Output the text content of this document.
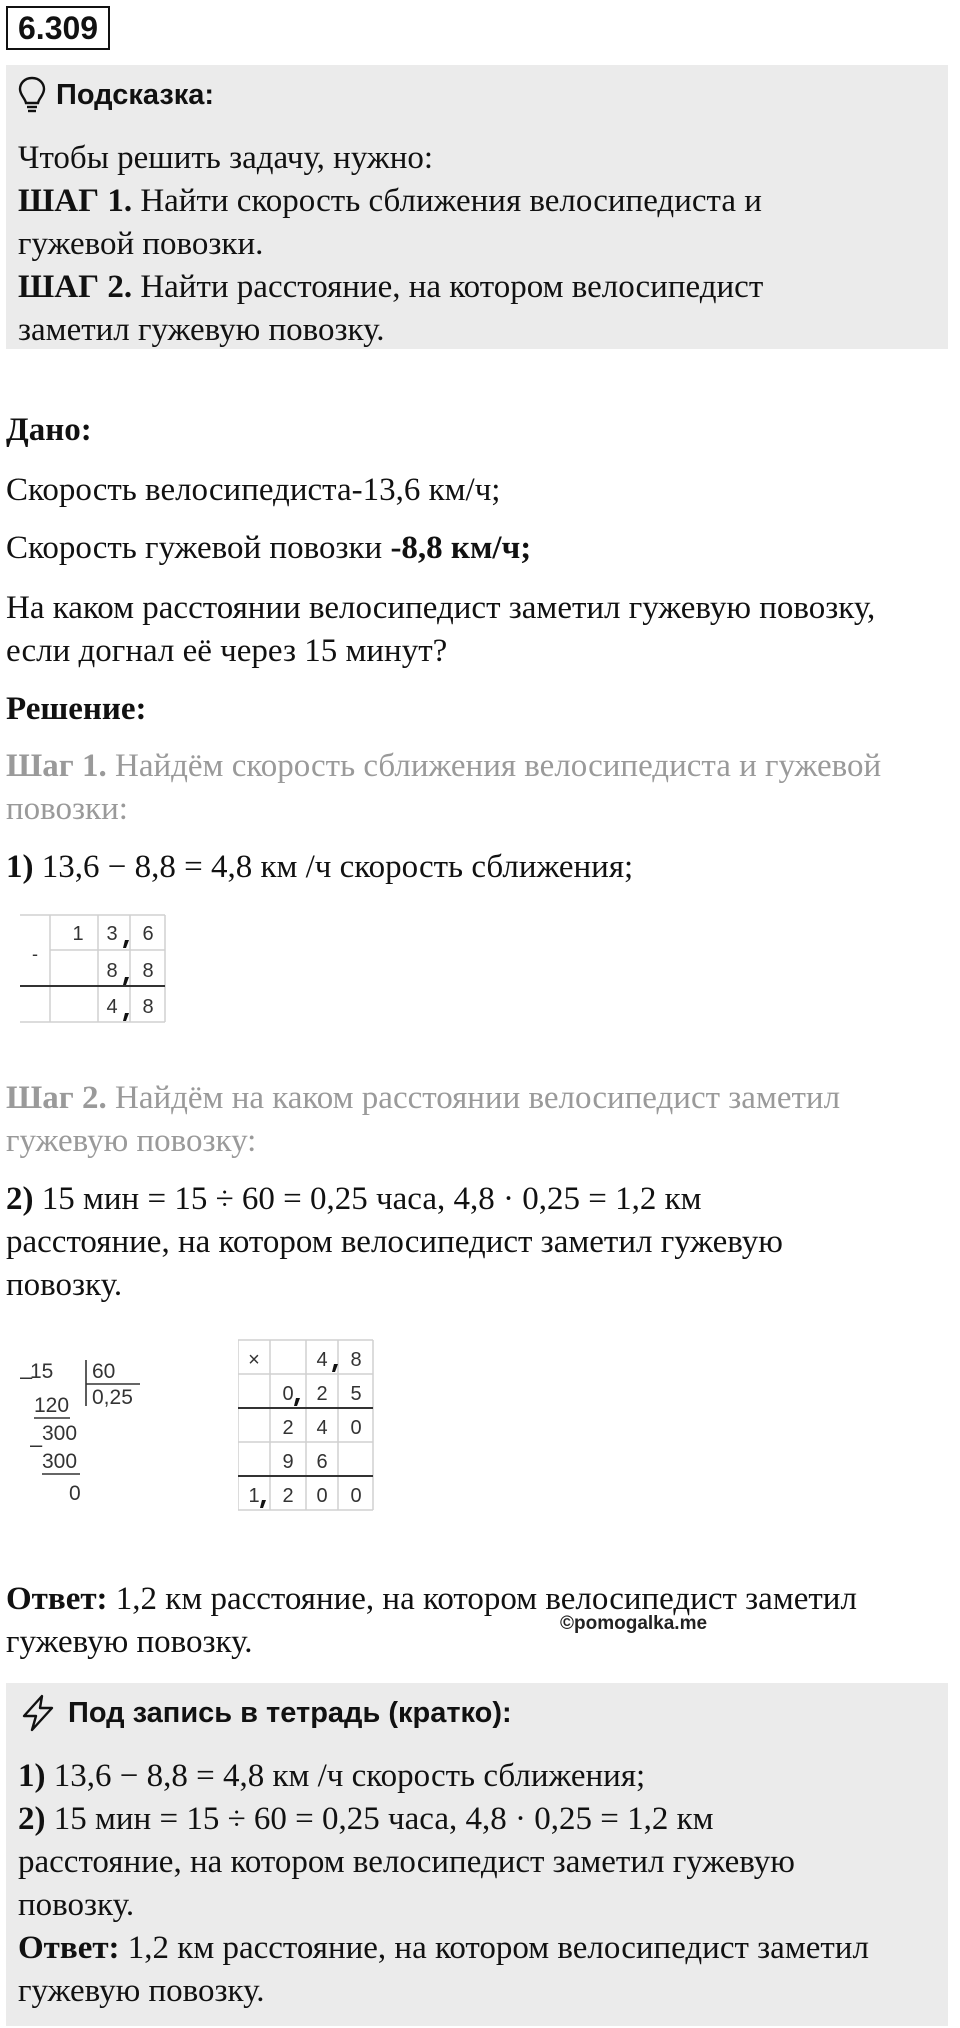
6.309
Подсказка:

Чтобы решить задачу, нужно:

ШАГ 1. Найти скорость сближения велосипедиста и

гужевой повозки.

ШАГ 2. Найти расстояние, на котором велосипедист

заметил гужевую повозку.

Дано:

Скорость велосипедиста-13,6 км/ч;

Скорость гужевой повозки -8,8 км/ч;

На каком расстоянии велосипедист заметил гужевую повозку,

если догнал её через 15 минут?

Решение:

Шаг 1. Найдём скорость сближения велосипедиста и гужевой

повозки:

1) 13,6 − 8,8 = 4,8 км /ч скорость сближения;

-
1 3 6
8 8
4 8

Шаг 2. Найдём на каком расстоянии велосипедист заметил

гужевую повозку:

2) 15 мин = 15 ÷ 60 = 0,25 часа, 4,8 · 0,25 = 1,2 км

расстояние, на котором велосипедист заметил гужевую

повозку.

–
15 60
0,25
120
300
–
300
0
×	4 8
0 2 5
2 4 0
9 6
1 2 0 0

Ответ: 1,2 км расстояние, на котором велосипедист заметил

гужевую повозку.

©pomogalka.me
Под запись в тетрадь (кратко):

1) 13,6 − 8,8 = 4,8 км /ч скорость сближения;

2) 15 мин = 15 ÷ 60 = 0,25 часа, 4,8 · 0,25 = 1,2 км

расстояние, на котором велосипедист заметил гужевую

повозку.

Ответ: 1,2 км расстояние, на котором велосипедист заметил

гужевую повозку.
